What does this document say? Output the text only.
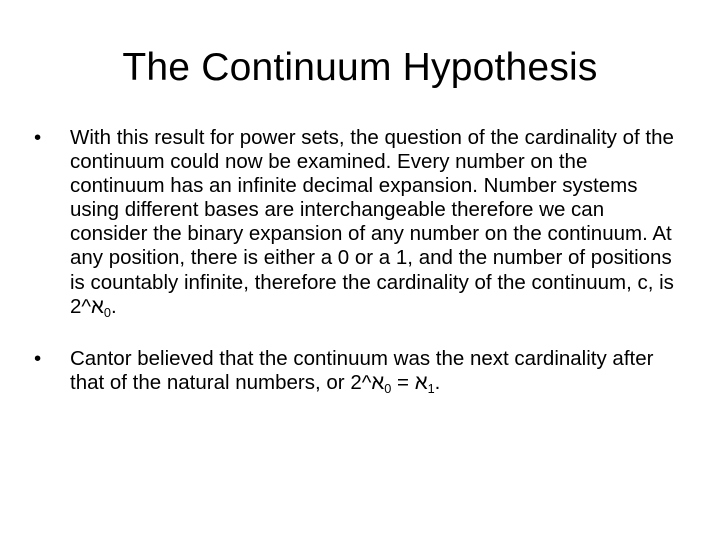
The Continuum Hypothesis
•	With this result for power sets, the question of the cardinality of the continuum could now be examined. Every number on the continuum has an infinite decimal expansion. Number systems using different bases are interchangeable therefore we can consider the binary expansion of any number on the continuum. At any position, there is either a 0 or a 1, and the number of positions is countably infinite, therefore the cardinality of the continuum, c, is 2^א$_0$.
•	Cantor believed that the continuum was the next cardinality after that of the natural numbers, or 2^א$_0$ = א$_1$.
